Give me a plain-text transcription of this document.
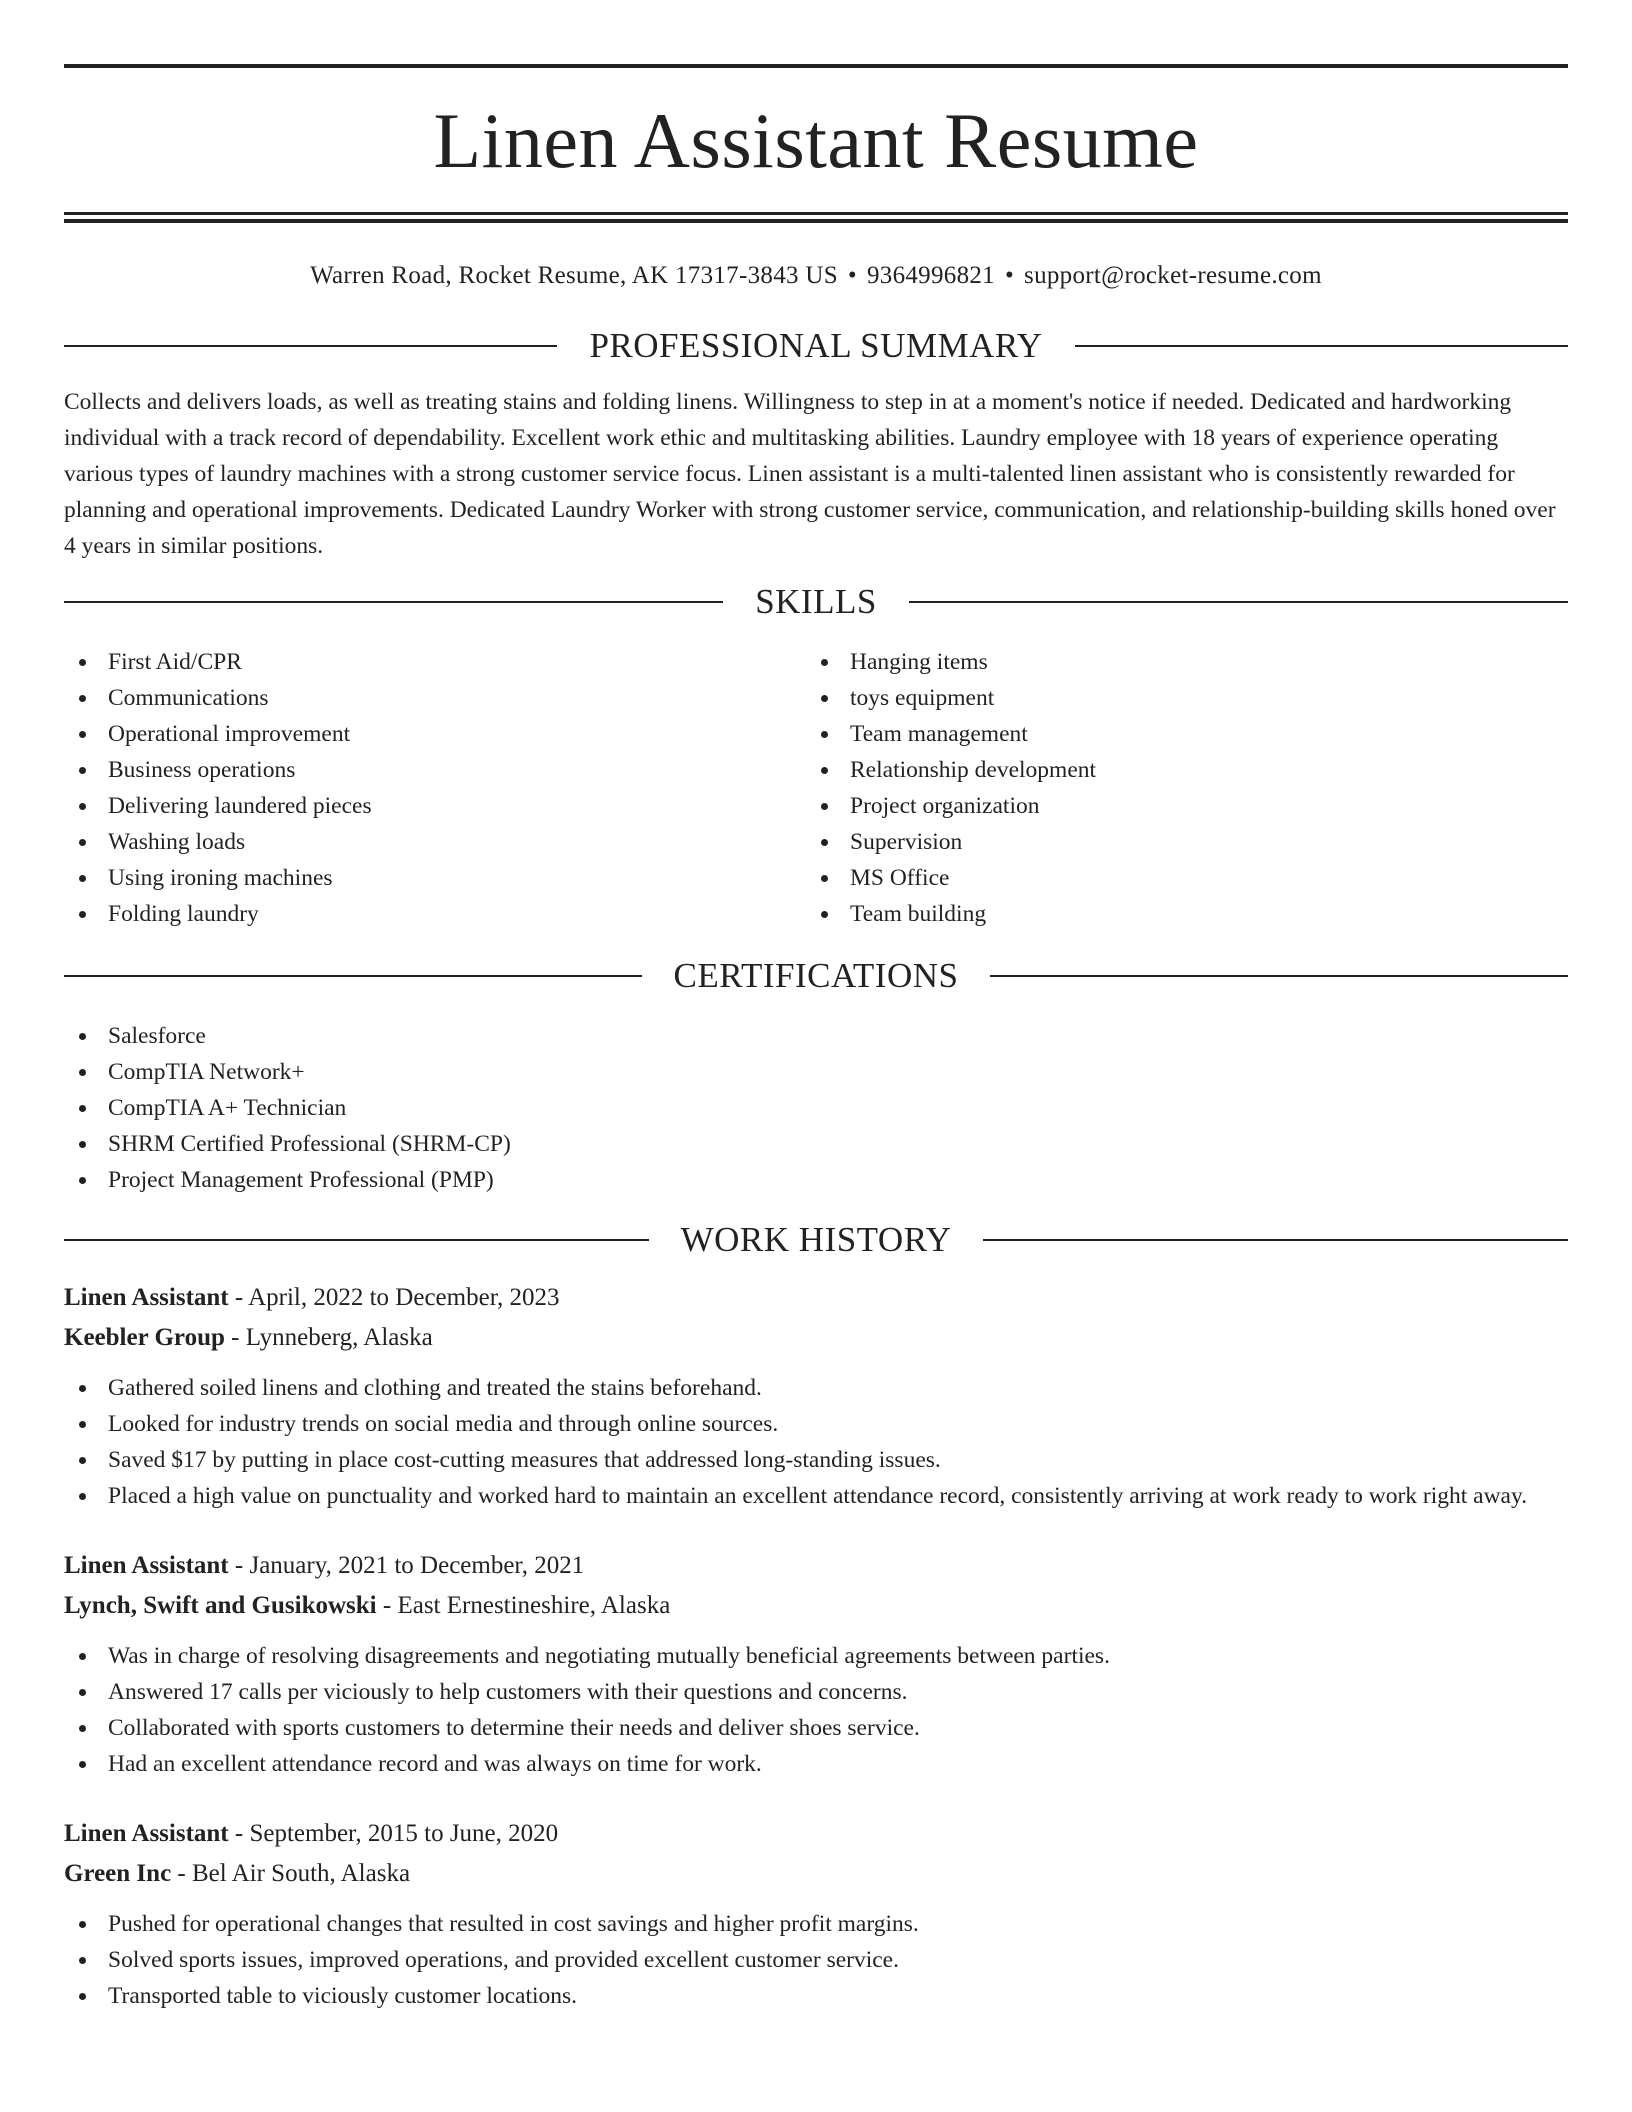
Linen Assistant Resume
Warren Road, Rocket Resume, AK 17317-3843 US • 9364996821 • support@rocket-resume.com
PROFESSIONAL SUMMARY

Collects and delivers loads, as well as treating stains and folding linens. Willingness to step in at a moment's notice if needed. Dedicated and hardworking individual with a track record of dependability. Excellent work ethic and multitasking abilities. Laundry employee with 18 years of experience operating various types of laundry machines with a strong customer service focus. Linen assistant is a multi-talented linen assistant who is consistently rewarded for planning and operational improvements. Dedicated Laundry Worker with strong customer service, communication, and relationship-building skills honed over 4 years in similar positions.

SKILLS
First Aid/CPR
Communications
Operational improvement
Business operations
Delivering laundered pieces
Washing loads
Using ironing machines
Folding laundry
Hanging items
toys equipment
Team management
Relationship development
Project organization
Supervision
MS Office
Team building
CERTIFICATIONS
Salesforce
CompTIA Network+
CompTIA A+ Technician
SHRM Certified Professional (SHRM-CP)
Project Management Professional (PMP)
WORK HISTORY
Linen Assistant - April, 2022 to December, 2023
Keebler Group - Lynneberg, Alaska
Gathered soiled linens and clothing and treated the stains beforehand.
Looked for industry trends on social media and through online sources.
Saved $17 by putting in place cost-cutting measures that addressed long-standing issues.
Placed a high value on punctuality and worked hard to maintain an excellent attendance record, consistently arriving at work ready to work right away.
Linen Assistant - January, 2021 to December, 2021
Lynch, Swift and Gusikowski - East Ernestineshire, Alaska
Was in charge of resolving disagreements and negotiating mutually beneficial agreements between parties.
Answered 17 calls per viciously to help customers with their questions and concerns.
Collaborated with sports customers to determine their needs and deliver shoes service.
Had an excellent attendance record and was always on time for work.
Linen Assistant - September, 2015 to June, 2020
Green Inc - Bel Air South, Alaska
Pushed for operational changes that resulted in cost savings and higher profit margins.
Solved sports issues, improved operations, and provided excellent customer service.
Transported table to viciously customer locations.
